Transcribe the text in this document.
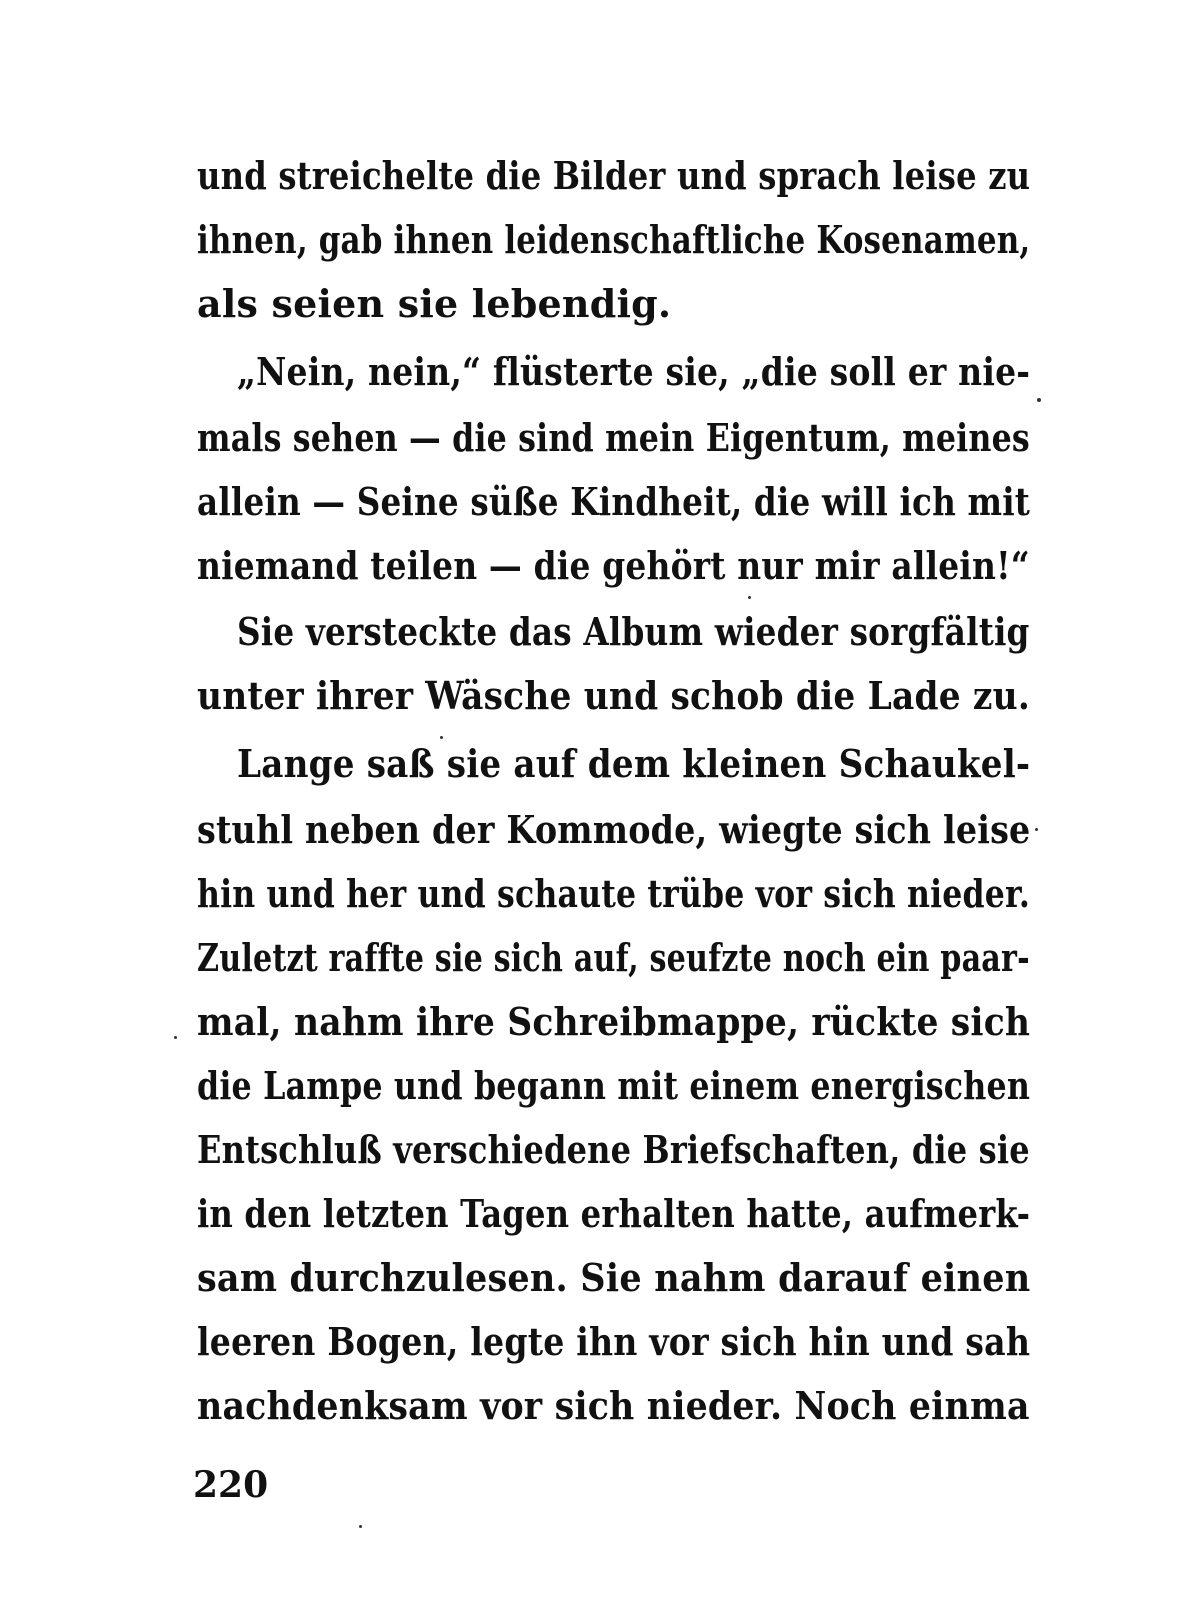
und streichelte die Bilder und sprach leise zu
ihnen, gab ihnen leidenschaftliche Kosenamen,
als seien sie lebendig.
„Nein, nein,“ flüsterte sie, „die soll er nie-
mals sehen — die sind mein Eigentum, meines
allein — Seine süße Kindheit, die will ich mit
niemand teilen — die gehört nur mir allein!“
Sie versteckte das Album wieder sorgfältig
unter ihrer Wäsche und schob die Lade zu.
Lange saß sie auf dem kleinen Schaukel-
stuhl neben der Kommode, wiegte sich leise
hin und her und schaute trübe vor sich nieder.
Zuletzt raffte sie sich auf, seufzte noch ein paar-
mal, nahm ihre Schreibmappe, rückte sich
die Lampe und begann mit einem energischen
Entschluß verschiedene Briefschaften, die sie
in den letzten Tagen erhalten hatte, aufmerk-
sam durchzulesen. Sie nahm darauf einen
leeren Bogen, legte ihn vor sich hin und sah
nachdenksam vor sich nieder. Noch einma
220
